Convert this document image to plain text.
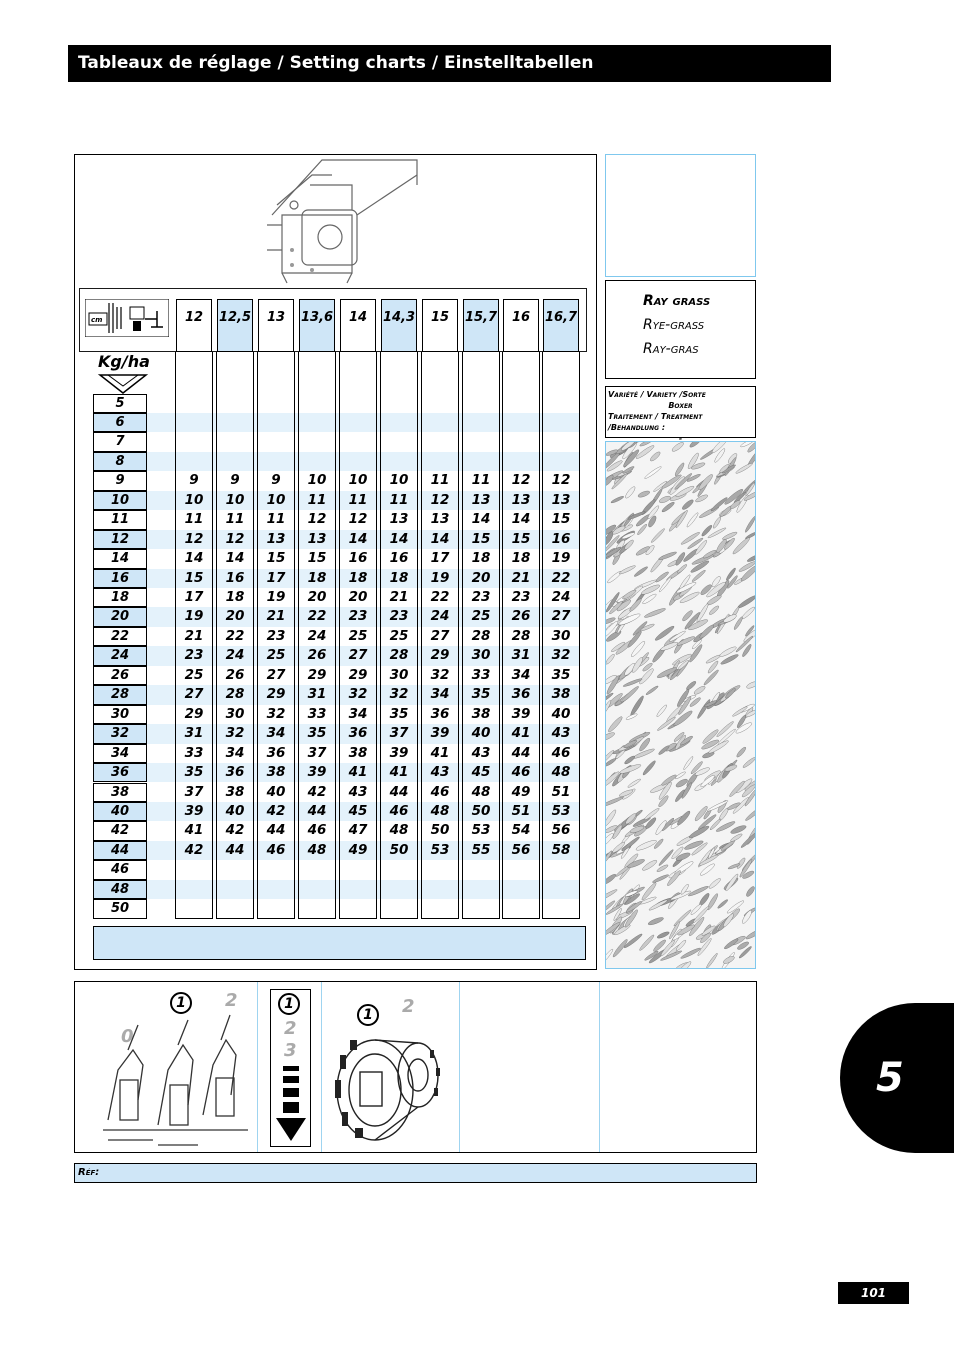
Tableaux de réglage / Setting charts / Einstelltabellen
cm
Kg/ha
12	12,5	13	13,6	14	14,3	15	15,7	16	16,7
5
6
7
8
9	9	9	9	10	10	10	11	11	12	12
10	10	10	10	11	11	11	12	13	13	13
11	11	11	11	12	12	13	13	14	14	15
12	12	12	13	13	14	14	14	15	15	16
14	14	14	15	15	16	16	17	18	18	19
16	15	16	17	18	18	18	19	20	21	22
18	17	18	19	20	20	21	22	23	23	24
20	19	20	21	22	23	23	24	25	26	27
22	21	22	23	24	25	25	27	28	28	30
24	23	24	25	26	27	28	29	30	31	32
26	25	26	27	29	29	30	32	33	34	35
28	27	28	29	31	32	32	34	35	36	38
30	29	30	32	33	34	35	36	38	39	40
32	31	32	34	35	36	37	39	40	41	43
34	33	34	36	37	38	39	41	43	44	46
36	35	36	38	39	41	41	43	45	46	48
38	37	38	40	42	43	44	46	48	49	51
40	39	40	42	44	45	46	48	50	51	53
42	41	42	44	46	47	48	50	53	54	56
44	42	44	46	48	49	50	53	55	56	58
46
48
50
Ray grass
Rye-grass
Ray-gras
Variété / Variety /Sorte
Boxer
Traitement / Treatment /Behandlung :
-
1	2
0
1
2
3
1	2
Réf:
5
101
